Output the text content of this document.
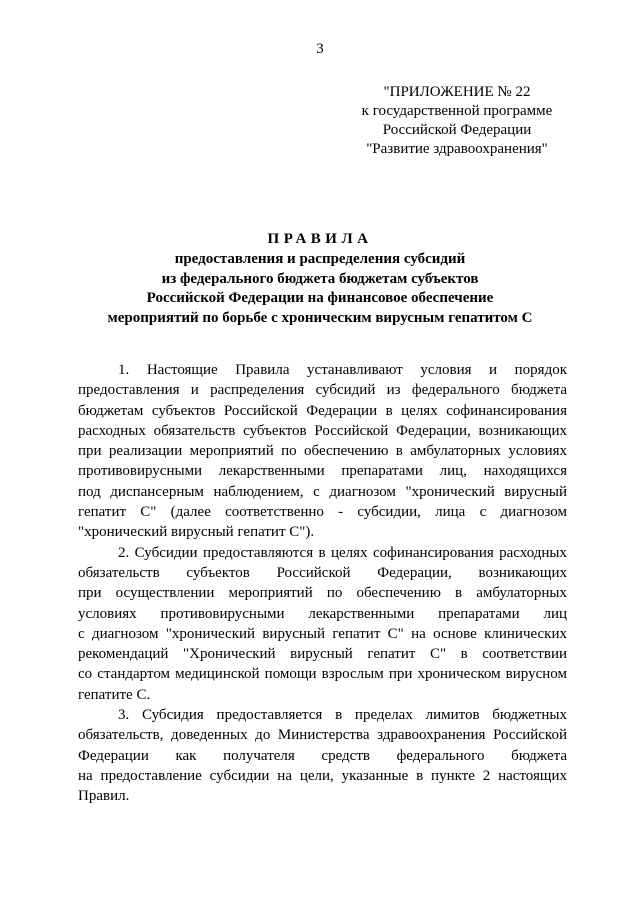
3
"ПРИЛОЖЕНИЕ № 22
к государственной программе
Российской Федерации
"Развитие здравоохранения"
ПРАВИЛА
предоставления и распределения субсидий
из федерального бюджета бюджетам субъектов
Российской Федерации на финансовое обеспечение
мероприятий по борьбе с хроническим вирусным гепатитом С
1. Настоящие Правила устанавливают условия и порядок
предоставления и распределения субсидий из федерального бюджета
бюджетам субъектов Российской Федерации в целях софинансирования
расходных обязательств субъектов Российской Федерации, возникающих
при реализации мероприятий по обеспечению в амбулаторных условиях
противовирусными лекарственными препаратами лиц, находящихся
под диспансерным наблюдением, с диагнозом "хронический вирусный
гепатит С" (далее соответственно - субсидии, лица с диагнозом
"хронический вирусный гепатит С").
2. Субсидии предоставляются в целях софинансирования расходных
обязательств субъектов Российской Федерации, возникающих
при осуществлении мероприятий по обеспечению в амбулаторных
условиях противовирусными лекарственными препаратами лиц
с диагнозом "хронический вирусный гепатит С" на основе клинических
рекомендаций "Хронический вирусный гепатит С" в соответствии
со стандартом медицинской помощи взрослым при хроническом вирусном
гепатите С.
3. Субсидия предоставляется в пределах лимитов бюджетных
обязательств, доведенных до Министерства здравоохранения Российской
Федерации как получателя средств федерального бюджета
на предоставление субсидии на цели, указанные в пункте 2 настоящих
Правил.
